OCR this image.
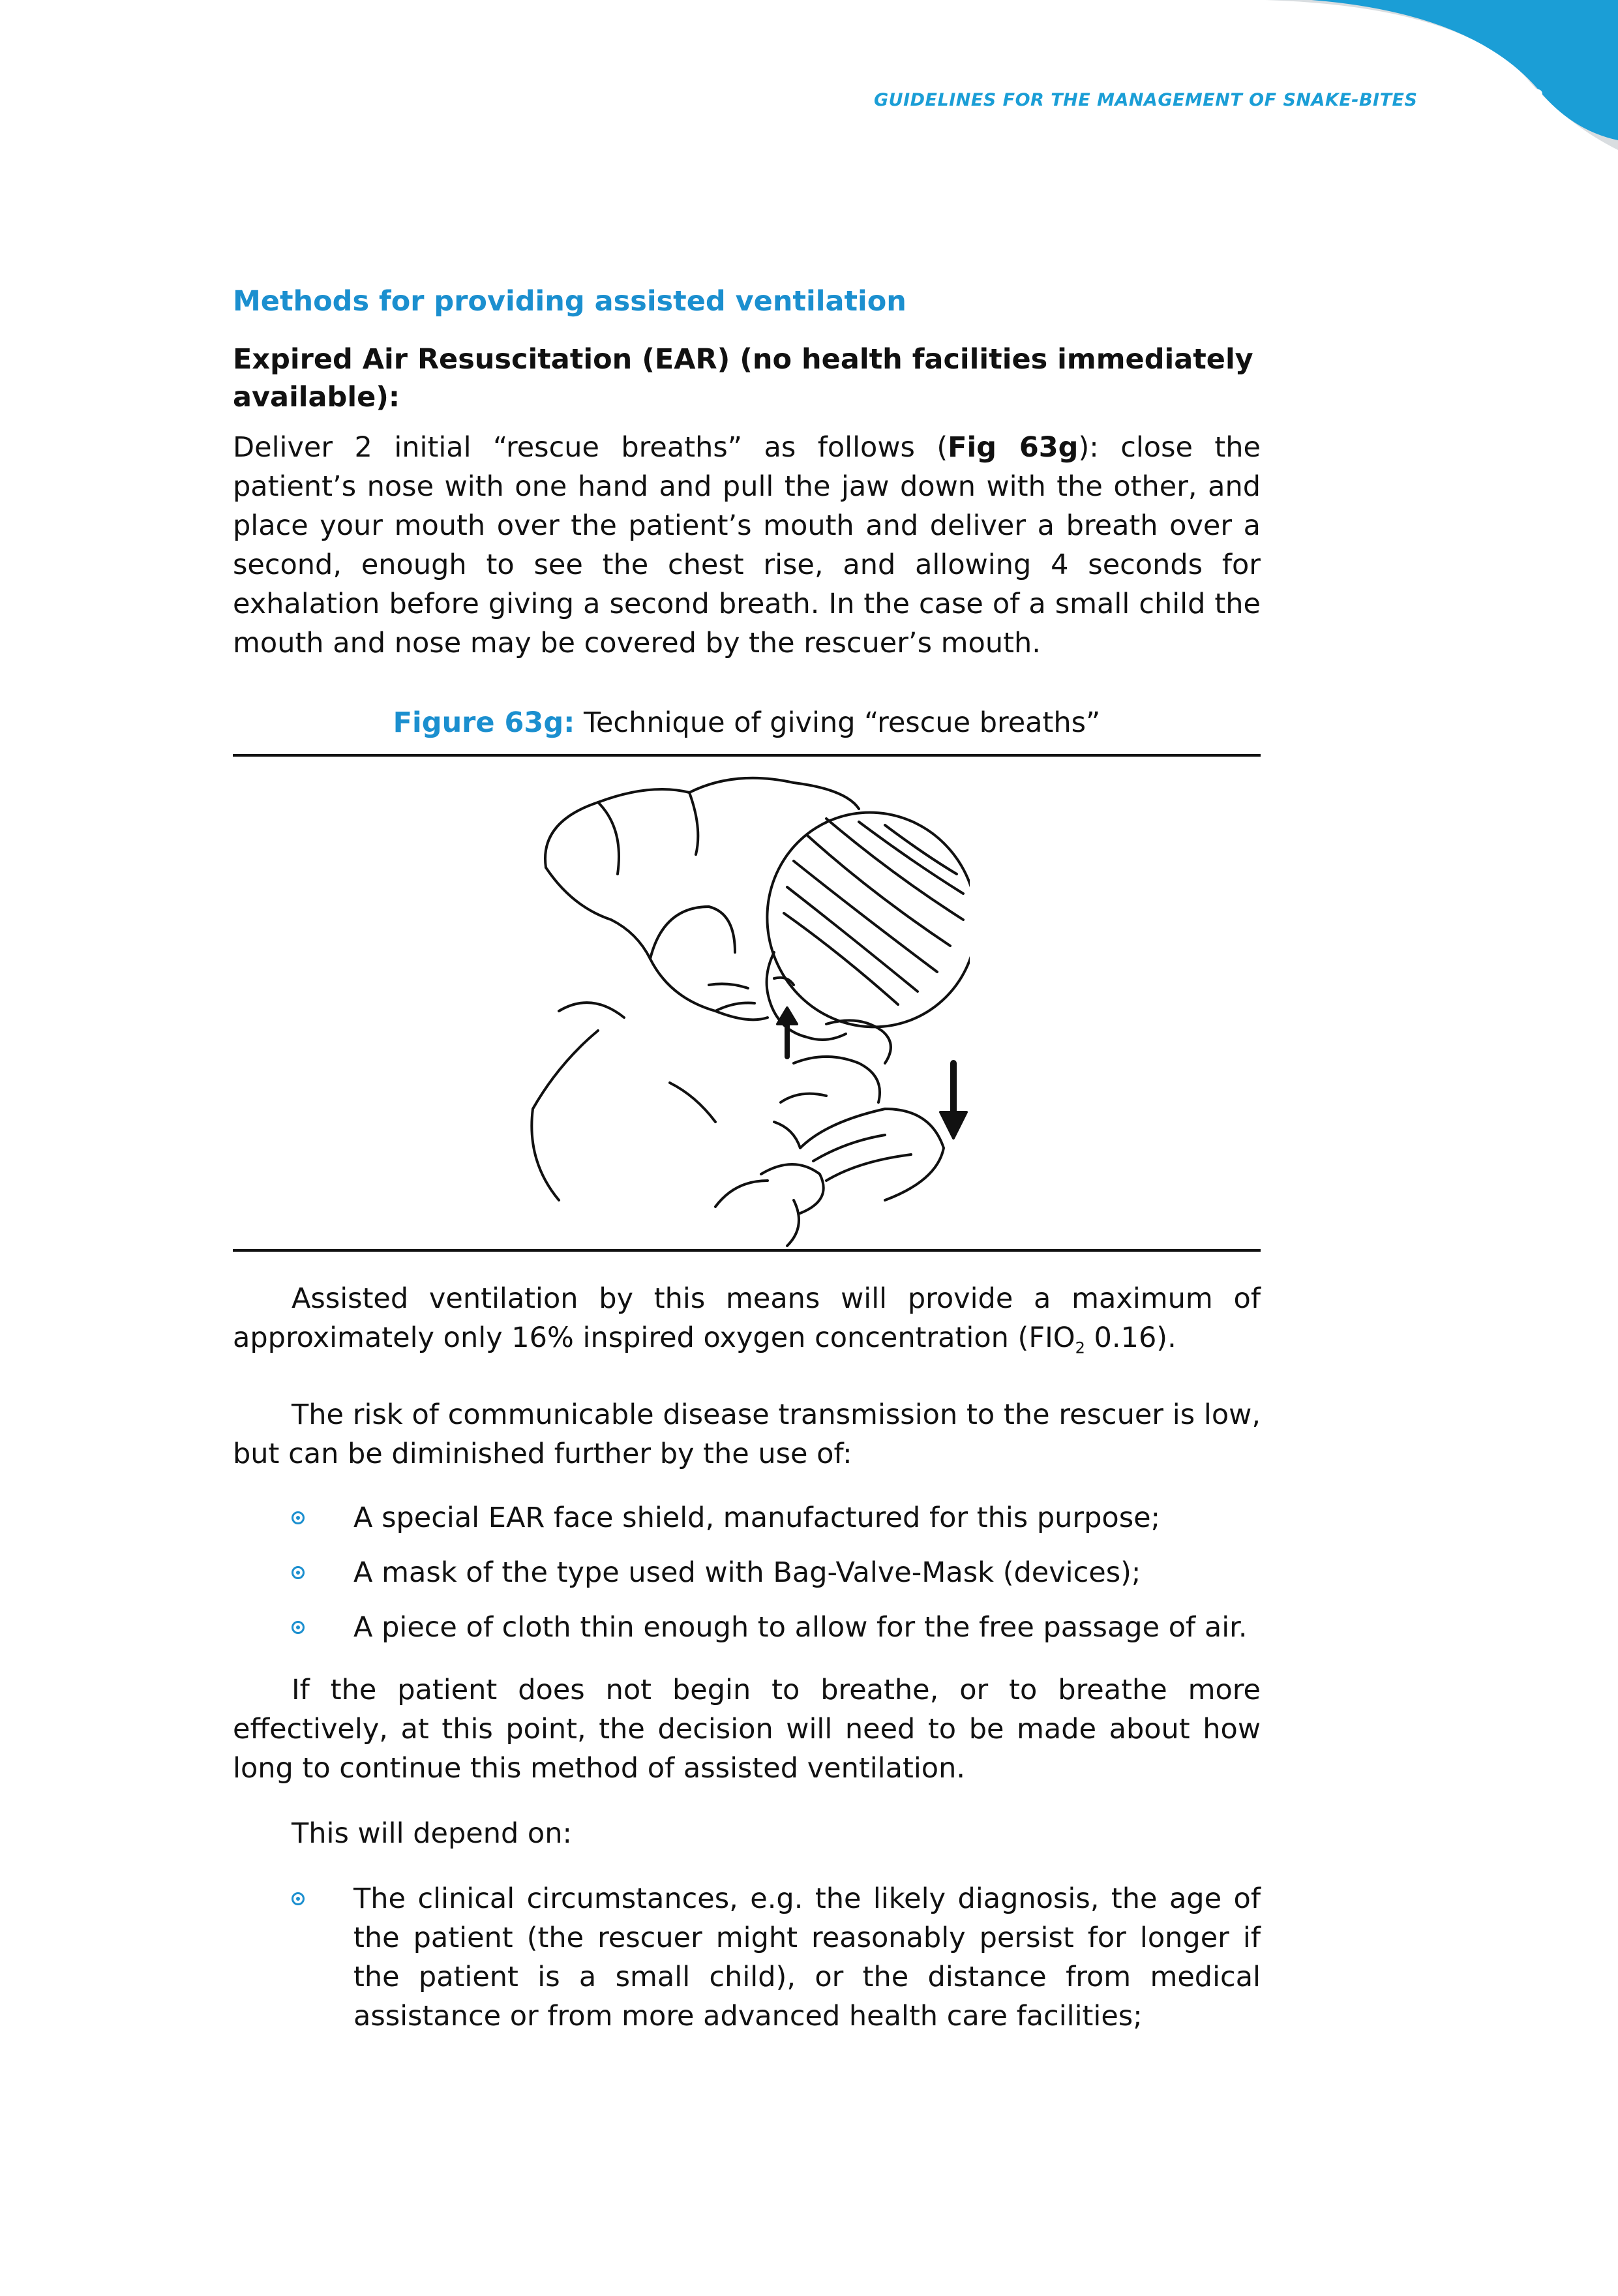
GUIDELINES FOR THE MANAGEMENT OF SNAKE-BITES	103
Methods for providing assisted ventilation
Expired Air Resuscitation (EAR) (no health facilities immediately available):

Deliver 2 initial “rescue breaths” as follows (Fig 63g): close the patient’s nose with one hand and pull the jaw down with the other, and place your mouth over the patient’s mouth and deliver a breath over a second, enough to see the chest rise, and allowing 4 seconds for exhalation before giving a second breath. In the case of a small child the mouth and nose may be covered by the rescuer’s mouth.

Figure 63g: Technique of giving “rescue breaths”

Assisted ventilation by this means will provide a maximum of approximately only 16% inspired oxygen concentration ($FIO_2$ 0.16).

The risk of communicable disease transmission to the rescuer is low, but can be diminished further by the use of:

A special EAR face shield, manufactured for this purpose;
A mask of the type used with Bag-Valve-Mask (devices);
A piece of cloth thin enough to allow for the free passage of air.

If the patient does not begin to breathe, or to breathe more effectively, at this point, the decision will need to be made about how long to continue this method of assisted ventilation.

This will depend on:

The clinical circumstances, e.g. the likely diagnosis, the age of the patient (the rescuer might reasonably persist for longer if the patient is a small child), or the distance from medical assistance or from more advanced health care facilities;
